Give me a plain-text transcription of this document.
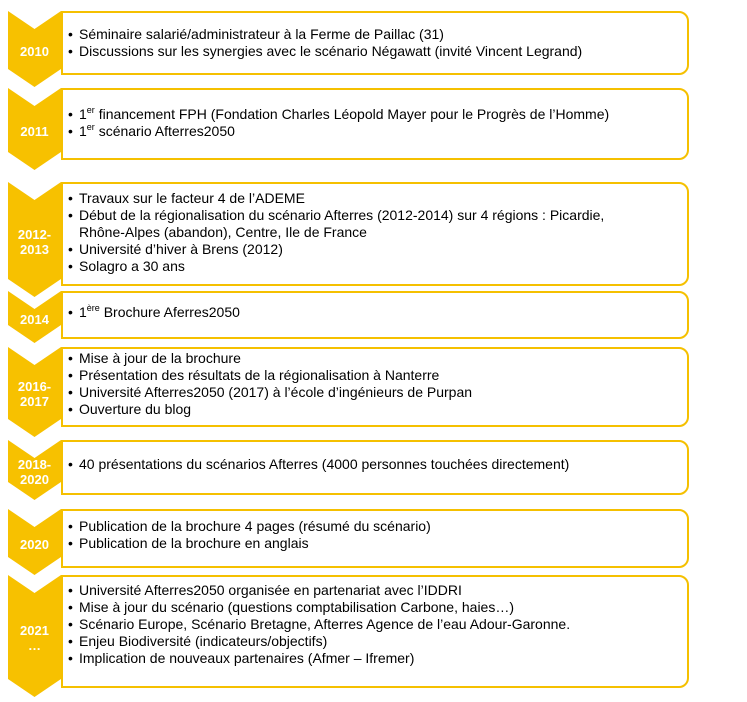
2010
• Séminaire salarié/administrateur à la Ferme de Paillac (31)
• Discussions sur les synergies avec le scénario Négawatt (invité Vincent Legrand)
2011
• 1er financement FPH (Fondation Charles Léopold Mayer pour le Progrès de l’Homme)
• 1er scénario Afterres2050
2012-
2013
• Travaux sur le facteur 4 de l’ADEME
• Début de la régionalisation du scénario Afterres (2012-2014) sur 4 régions : Picardie,
Rhône-Alpes (abandon), Centre, Ile de France
• Université d’hiver à Brens (2012)
• Solagro a 30 ans
2014	• 1ère Brochure Aferres2050
2016-
2017
• Mise à jour de la brochure
• Présentation des résultats de la régionalisation à Nanterre
• Université Afterres2050 (2017) à l’école d’ingénieurs de Purpan
• Ouverture du blog
2018-
2020
• 40 présentations du scénarios Afterres (4000 personnes touchées directement)
2020
• Publication de la brochure 4 pages (résumé du scénario)
• Publication de la brochure en anglais
2021
…
• Université Afterres2050 organisée en partenariat avec l’IDDRI
• Mise à jour du scénario (questions comptabilisation Carbone, haies…)
• Scénario Europe, Scénario Bretagne, Afterres Agence de l’eau Adour-Garonne.
• Enjeu Biodiversité (indicateurs/objectifs)
• Implication de nouveaux partenaires (Afmer – Ifremer)
